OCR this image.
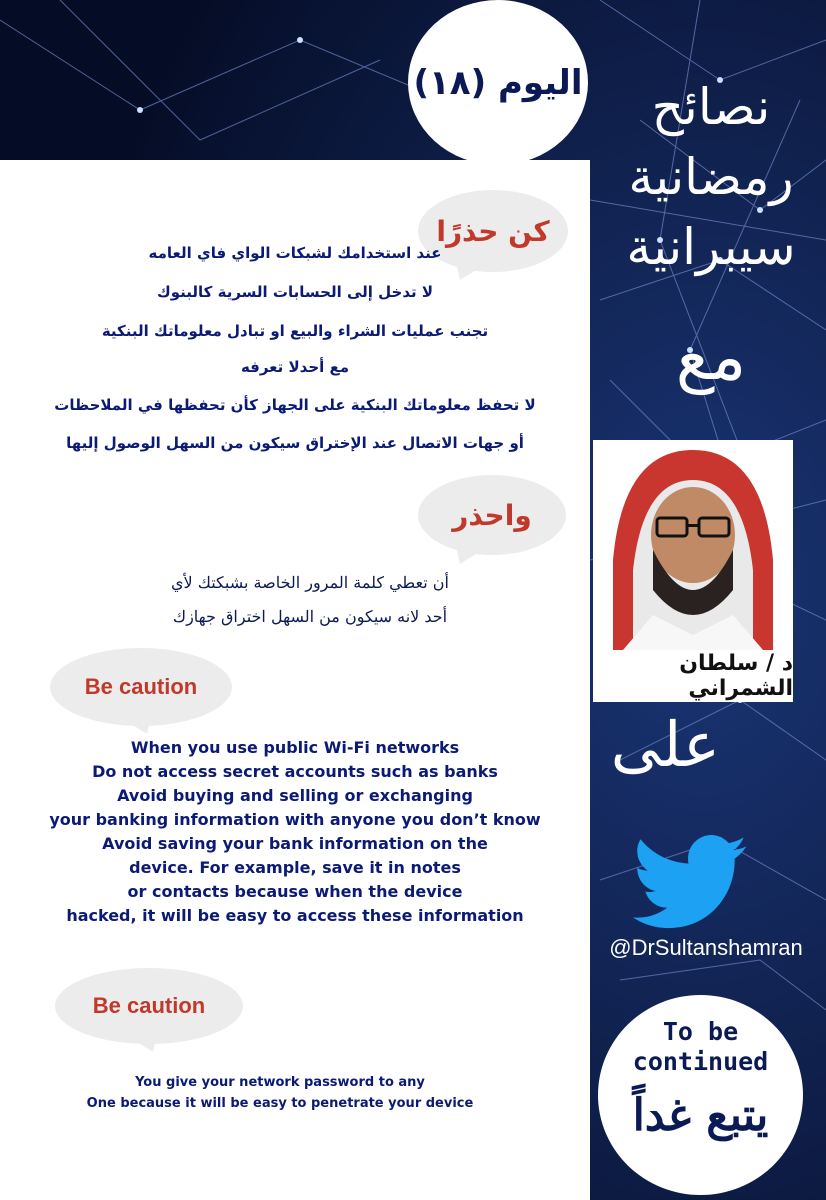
اليوم (١٨)	نصائح
رمضانية
سيبرانية
مع
د / سلطان الشمراني
على
@DrSultanshamran
To be
continued
يتبع غداً
كن حذرًا
عند استخدامك لشبكات الواي فاي العامه
لا تدخل إلى الحسابات السرية كالبنوك
تجنب عمليات الشراء والبيع او تبادل معلوماتك البنكية
مع أحدلا تعرفه
لا تحفظ معلوماتك البنكية على الجهاز كأن تحفظها في الملاحظات
أو جهات الاتصال عند الإختراق سيكون من السهل الوصول إليها
واحذر
أن تعطي كلمة المرور الخاصة بشبكتك لأي
أحد لانه سيكون من السهل اختراق جهازك
Be caution
When you use public Wi-Fi networks
Do not access secret accounts such as banks
Avoid buying and selling or exchanging
your banking information with anyone you don’t know
Avoid saving your bank information on the
device. For example, save it in notes
or contacts because when the device
hacked, it will be easy to access these information
Be caution
You give your network password to any
One because it will be easy to penetrate your device
